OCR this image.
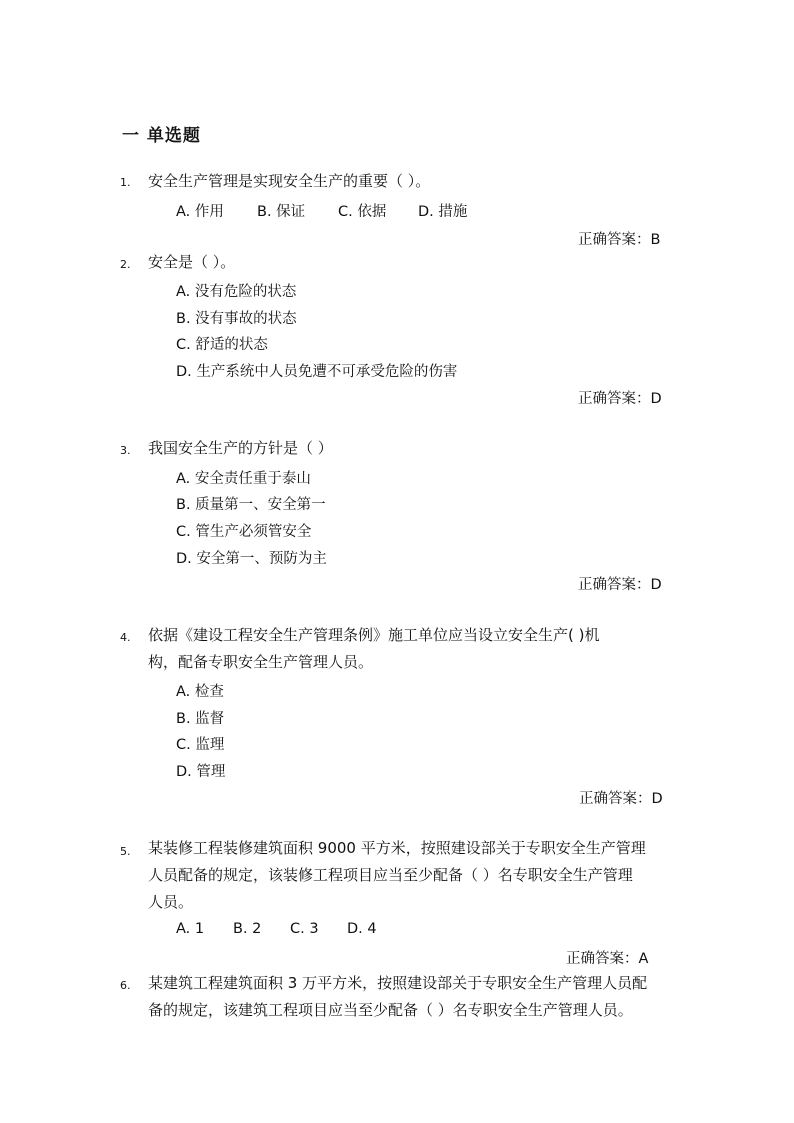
一 单选题
1. 安全生产管理是实现安全生产的重要（ ）。
A. 作用 B. 保证 C. 依据 D. 措施
正确答案：B
2. 安全是（ ）。
A. 没有危险的状态
B. 没有事故的状态
C. 舒适的状态
D. 生产系统中人员免遭不可承受危险的伤害
正确答案：D
3. 我国安全生产的方针是（ ）
A. 安全责任重于泰山
B. 质量第一、安全第一
C. 管生产必须管安全
D. 安全第一、预防为主
正确答案：D
4. 依据《建设工程安全生产管理条例》施工单位应当设立安全生产( )机
构，配备专职安全生产管理人员。
A. 检查
B. 监督
C. 监理
D. 管理
正确答案：D
5. 某装修工程装修建筑面积 9000 平方米，按照建设部关于专职安全生产管理
人员配备的规定，该装修工程项目应当至少配备（ ）名专职安全生产管理
人员。
A. 1 B. 2 C. 3 D. 4
正确答案：A
6. 某建筑工程建筑面积 3 万平方米，按照建设部关于专职安全生产管理人员配
备的规定，该建筑工程项目应当至少配备（ ）名专职安全生产管理人员。
